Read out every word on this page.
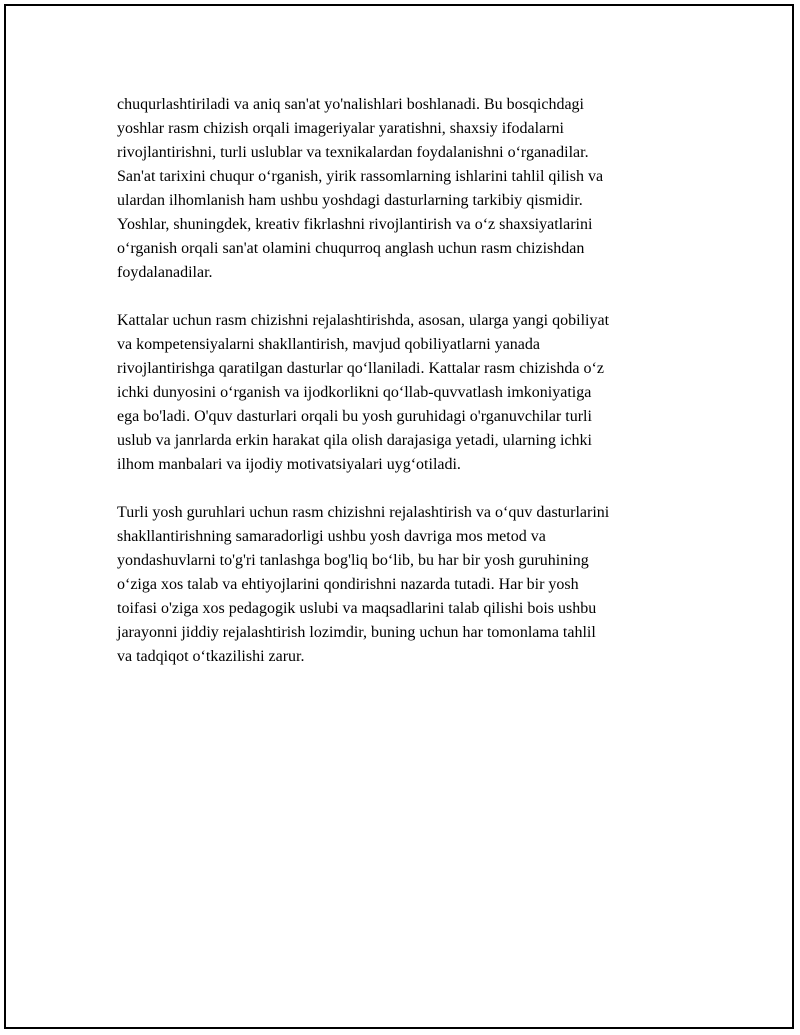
chuqurlashtiriladi va aniq san'at yo'nalishlari boshlanadi. Bu bosqichdagi
yoshlar rasm chizish orqali imageriyalar yaratishni, shaxsiy ifodalarni
rivojlantirishni, turli uslublar va texnikalardan foydalanishni o‘rganadilar.
San'at tarixini chuqur o‘rganish, yirik rassomlarning ishlarini tahlil qilish va
ulardan ilhomlanish ham ushbu yoshdagi dasturlarning tarkibiy qismidir.
Yoshlar, shuningdek, kreativ fikrlashni rivojlantirish va o‘z shaxsiyatlarini
o‘rganish orqali san'at olamini chuqurroq anglash uchun rasm chizishdan
foydalanadilar.

Kattalar uchun rasm chizishni rejalashtirishda, asosan, ularga yangi qobiliyat
va kompetensiyalarni shakllantirish, mavjud qobiliyatlarni yanada
rivojlantirishga qaratilgan dasturlar qo‘llaniladi. Kattalar rasm chizishda o‘z
ichki dunyosini o‘rganish va ijodkorlikni qo‘llab-quvvatlash imkoniyatiga
ega bo'ladi. O'quv dasturlari orqali bu yosh guruhidagi o'rganuvchilar turli
uslub va janrlarda erkin harakat qila olish darajasiga yetadi, ularning ichki
ilhom manbalari va ijodiy motivatsiyalari uyg‘otiladi.

Turli yosh guruhlari uchun rasm chizishni rejalashtirish va o‘quv dasturlarini
shakllantirishning samaradorligi ushbu yosh davriga mos metod va
yondashuvlarni to'g'ri tanlashga bog'liq bo‘lib, bu har bir yosh guruhining
o‘ziga xos talab va ehtiyojlarini qondirishni nazarda tutadi. Har bir yosh
toifasi o'ziga xos pedagogik uslubi va maqsadlarini talab qilishi bois ushbu
jarayonni jiddiy rejalashtirish lozimdir, buning uchun har tomonlama tahlil
va tadqiqot o‘tkazilishi zarur.
